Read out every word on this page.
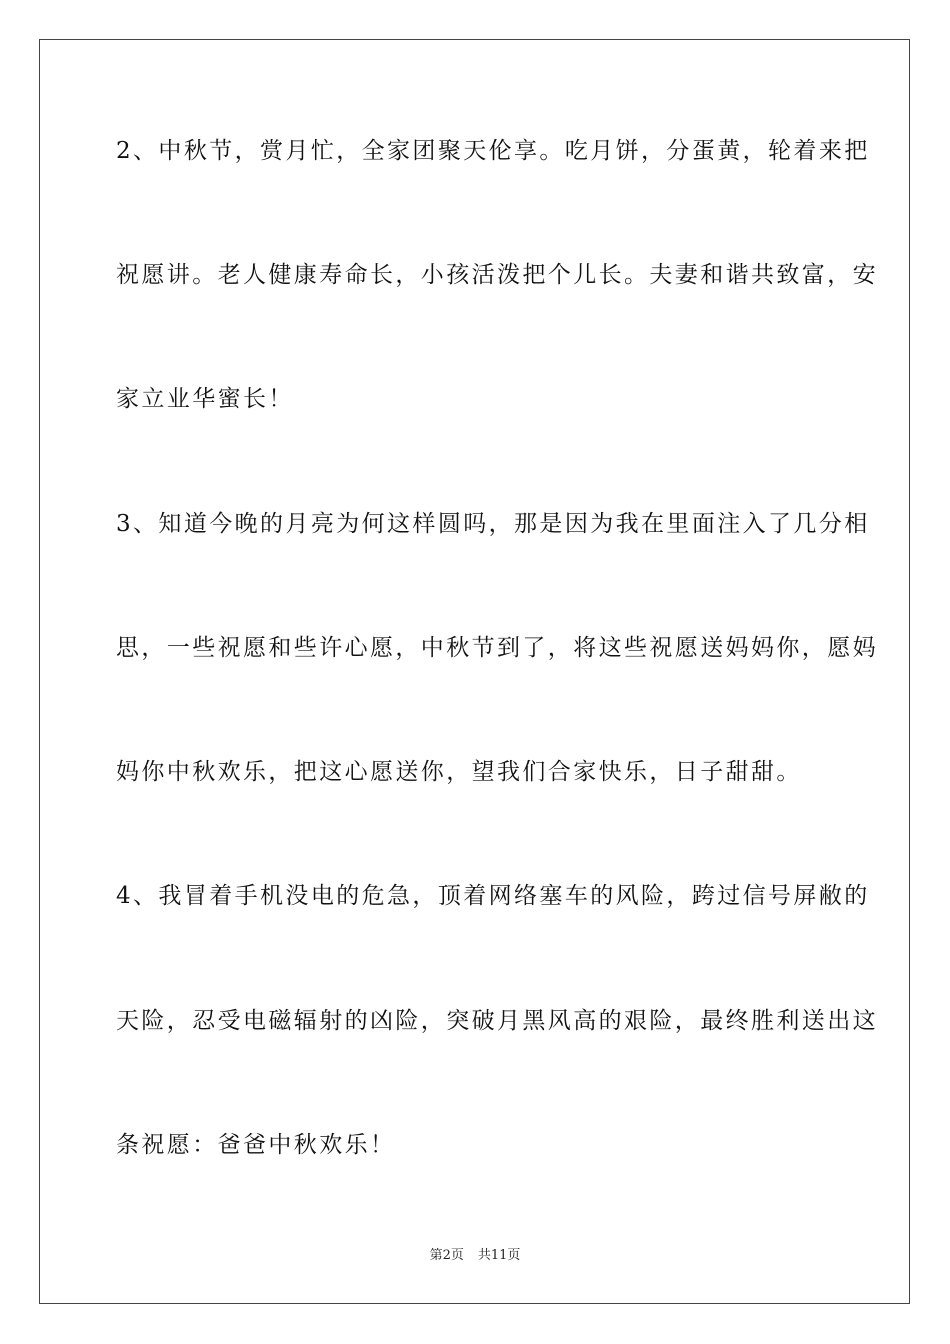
2、中秋节，赏月忙，全家团聚天伦享。吃月饼，分蛋黄，轮着来把
祝愿讲。老人健康寿命长，小孩活泼把个儿长。夫妻和谐共致富，安
家立业华蜜长！
3、知道今晚的月亮为何这样圆吗，那是因为我在里面注入了几分相
思，一些祝愿和些许心愿，中秋节到了，将这些祝愿送妈妈你，愿妈
妈你中秋欢乐，把这心愿送你，望我们合家快乐，日子甜甜。
4、我冒着手机没电的危急，顶着网络塞车的风险，跨过信号屏敝的
天险，忍受电磁辐射的凶险，突破月黑风高的艰险，最终胜利送出这
条祝愿：爸爸中秋欢乐！
第2页 共11页
